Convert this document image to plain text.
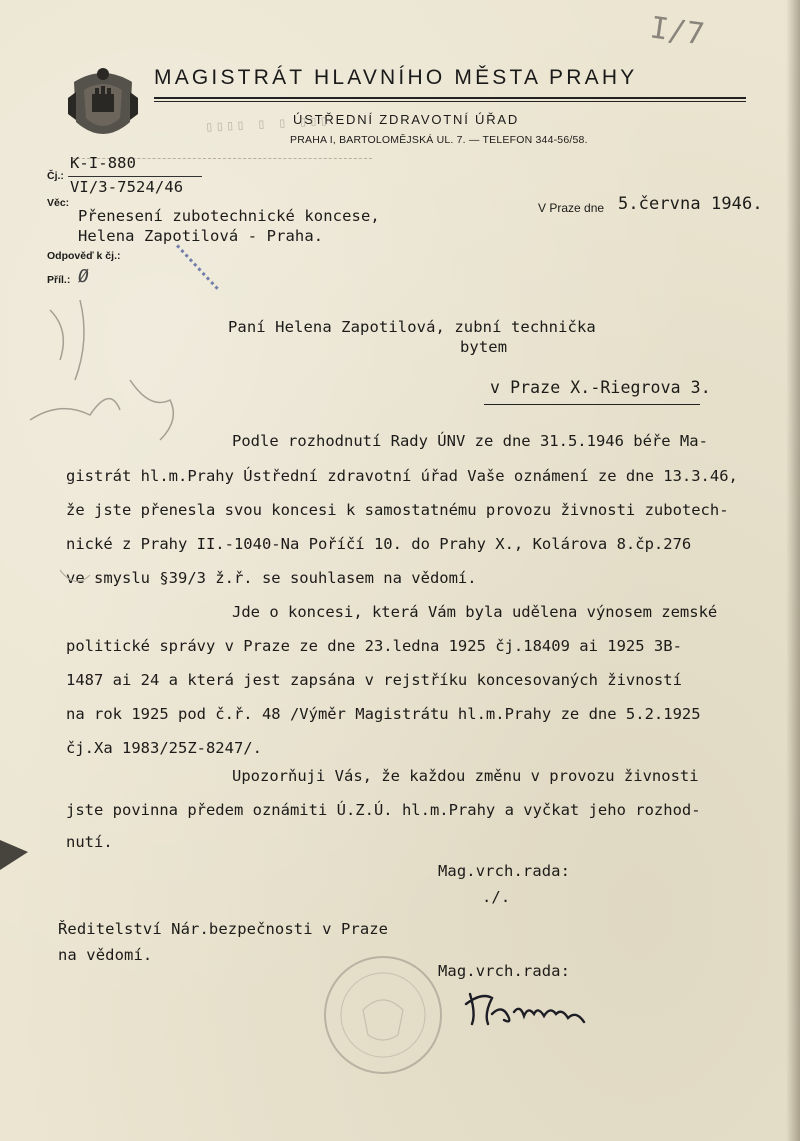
MAGISTRÁT HLAVNÍHO MĚSTA PRAHY
ÚSTŘEDNÍ ZDRAVOTNÍ ÚŘAD
PRAHA I, BARTOLOMĚJSKÁ UL. 7. — TELEFON 344-56/58.
I/7
▯▯▯▯ ▯ ▯ ▯▯▯
Čj.:
K-I-880
VI/3-7524/46
Věc:
Přenesení zubotechnické koncese,
Helena Zapotilová - Praha.
Odpověď k čj.:
Příl.: Ø
V Praze dne 5.června 1946.
▪▪▪▪▪▪▪▪▪▪
Paní Helena Zapotilová, zubní technička
bytem
v Praze X.-Riegrova 3.
Podle rozhodnutí Rady ÚNV ze dne 31.5.1946 béře Ma-
gistrát hl.m.Prahy Ústřední zdravotní úřad Vaše oznámení ze dne 13.3.46,
že jste přenesla svou koncesi k samostatnému provozu živnosti zubotech-
nické z Prahy II.-1040-Na Poříčí 10. do Prahy X., Kolárova 8.čp.276
ve smyslu §39/3 ž.ř. se souhlasem na vědomí.
Jde o koncesi, která Vám byla udělena výnosem zemské
politické správy v Praze ze dne 23.ledna 1925 čj.18409 ai 1925 3B-
1487 ai 24 a která jest zapsána v rejstříku koncesovaných živností
na rok 1925 pod č.ř. 48 /Výměr Magistrátu hl.m.Prahy ze dne 5.2.1925
čj.Xa 1983/25Z-8247/.
Upozorňuji Vás, že každou změnu v provozu živnosti
jste povinna předem oznámiti Ú.Z.Ú. hl.m.Prahy a vyčkat jeho rozhod-
nutí.
Mag.vrch.rada:
./.
Ředitelství Nár.bezpečnosti v Praze
na vědomí.
Mag.vrch.rada:
